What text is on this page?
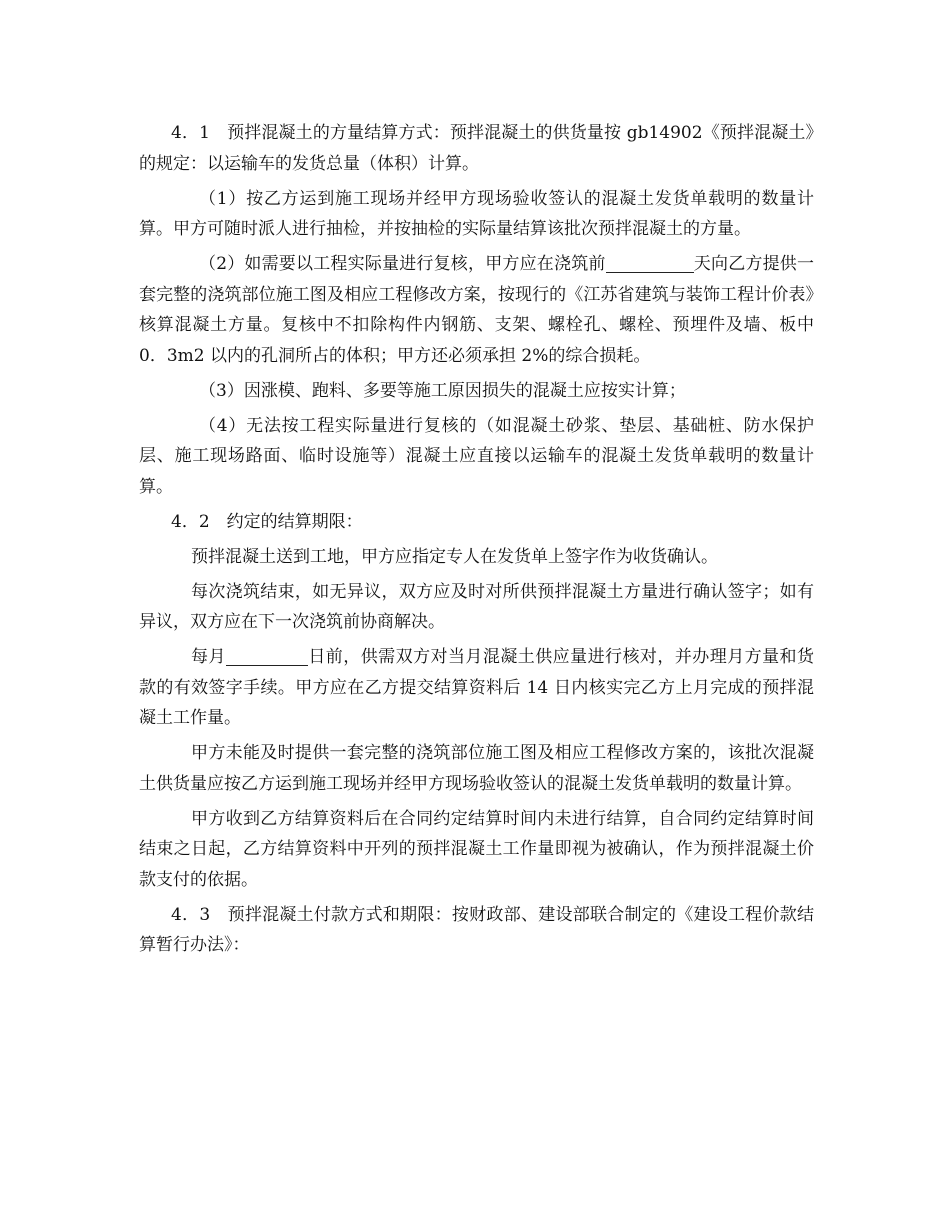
4．1　预拌混凝土的方量结算方式：预拌混凝土的供货量按 gb14902《预拌混凝土》的规定：以运输车的发货总量（体积）计算。

（1）按乙方运到施工现场并经甲方现场验收签认的混凝土发货单载明的数量计算。甲方可随时派人进行抽检，并按抽检的实际量结算该批次预拌混凝土的方量。

（2）如需要以工程实际量进行复核，甲方应在浇筑前	天向乙方提供一套完整的浇筑部位施工图及相应工程修改方案，按现行的《江苏省建筑与装饰工程计价表》核算混凝土方量。复核中不扣除构件内钢筋、支架、螺栓孔、螺栓、预埋件及墙、板中 0．3m2 以内的孔洞所占的体积；甲方还必须承担 2%的综合损耗。

（3）因涨模、跑料、多要等施工原因损失的混凝土应按实计算；

（4）无法按工程实际量进行复核的（如混凝土砂浆、垫层、基础桩、防水保护层、施工现场路面、临时设施等）混凝土应直接以运输车的混凝土发货单载明的数量计算。

4．2　约定的结算期限：

预拌混凝土送到工地，甲方应指定专人在发货单上签字作为收货确认。

每次浇筑结束，如无异议，双方应及时对所供预拌混凝土方量进行确认签字；如有异议，双方应在下一次浇筑前协商解决。

每月	日前，供需双方对当月混凝土供应量进行核对，并办理月方量和货款的有效签字手续。甲方应在乙方提交结算资料后 14 日内核实完乙方上月完成的预拌混凝土工作量。

甲方未能及时提供一套完整的浇筑部位施工图及相应工程修改方案的，该批次混凝土供货量应按乙方运到施工现场并经甲方现场验收签认的混凝土发货单载明的数量计算。

甲方收到乙方结算资料后在合同约定结算时间内未进行结算，自合同约定结算时间结束之日起，乙方结算资料中开列的预拌混凝土工作量即视为被确认，作为预拌混凝土价款支付的依据。

4．3　预拌混凝土付款方式和期限：按财政部、建设部联合制定的《建设工程价款结算暂行办法》：
